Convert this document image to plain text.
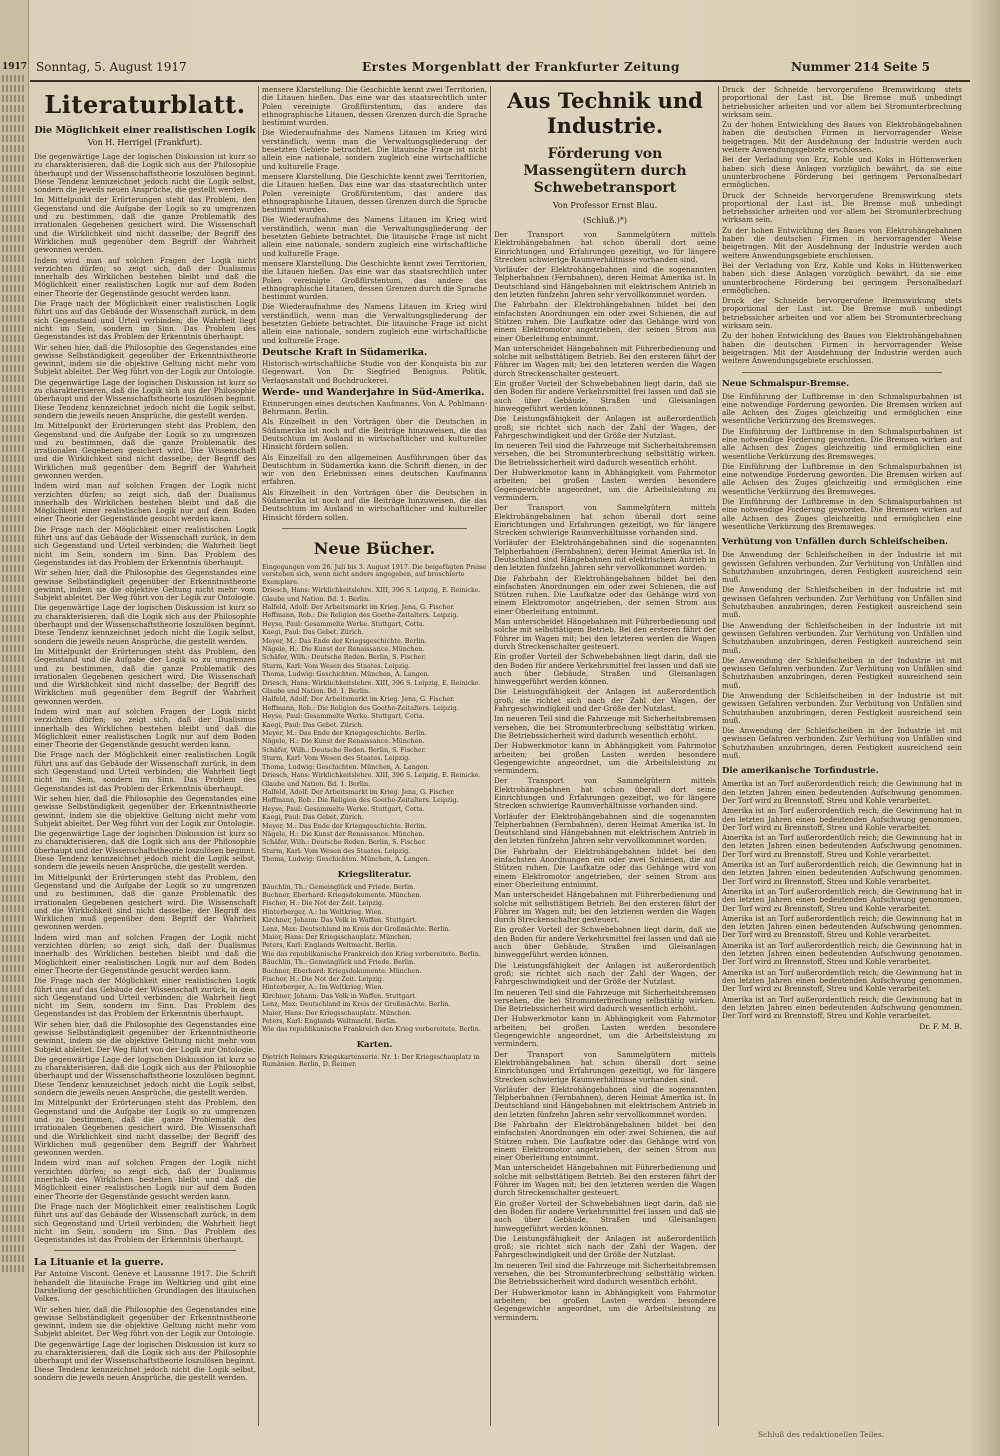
1917 Sonntag, 5. August 1917	Erstes Morgenblatt der Frankfurter Zeitung	Nummer 214 Seite 5
Literaturblatt.
Die Möglichkeit einer realistischen Logik
Von H. Herrigel (Frankfurt).

Die gegenwärtige Lage der logischen Diskussion ist kurz so zu charakterisieren, daß die Logik sich aus der Philosophie überhaupt und der Wissenschaftstheorie loszulösen beginnt. Diese Tendenz kennzeichnet jedoch nicht die Logik selbst, sondern die jeweils neuen Ansprüche, die gestellt werden.

Im Mittelpunkt der Erörterungen steht das Problem, den Gegenstand und die Aufgabe der Logik so zu umgrenzen und zu bestimmen, daß die ganze Problematik des irrationalen Gegebenen gesichert wird. Die Wissenschaft und die Wirklichkeit sind nicht dasselbe; der Begriff des Wirklichen muß gegenüber dem Begriff der Wahrheit gewonnen werden.

Indem wird man auf solchen Fragen der Logik nicht verzichten dürfen; so zeigt sich, daß der Dualismus innerhalb des Wirklichen bestehen bleibt und daß die Möglichkeit einer realistischen Logik nur auf dem Boden einer Theorie der Gegenstände gesucht werden kann.

Die Frage nach der Möglichkeit einer realistischen Logik führt uns auf das Gebäude der Wissenschaft zurück, in dem sich Gegenstand und Urteil verbinden; die Wahrheit liegt nicht im Sein, sondern im Sinn. Das Problem des Gegenstandes ist das Problem der Erkenntnis überhaupt.

Wir sehen hier, daß die Philosophie des Gegenstandes eine gewisse Selbständigkeit gegenüber der Erkenntnistheorie gewinnt, indem sie die objektive Geltung nicht mehr vom Subjekt ableitet. Der Weg führt von der Logik zur Ontologie.

Die gegenwärtige Lage der logischen Diskussion ist kurz so zu charakterisieren, daß die Logik sich aus der Philosophie überhaupt und der Wissenschaftstheorie loszulösen beginnt. Diese Tendenz kennzeichnet jedoch nicht die Logik selbst, sondern die jeweils neuen Ansprüche, die gestellt werden.

Im Mittelpunkt der Erörterungen steht das Problem, den Gegenstand und die Aufgabe der Logik so zu umgrenzen und zu bestimmen, daß die ganze Problematik des irrationalen Gegebenen gesichert wird. Die Wissenschaft und die Wirklichkeit sind nicht dasselbe; der Begriff des Wirklichen muß gegenüber dem Begriff der Wahrheit gewonnen werden.

Indem wird man auf solchen Fragen der Logik nicht verzichten dürfen; so zeigt sich, daß der Dualismus innerhalb des Wirklichen bestehen bleibt und daß die Möglichkeit einer realistischen Logik nur auf dem Boden einer Theorie der Gegenstände gesucht werden kann.

Die Frage nach der Möglichkeit einer realistischen Logik führt uns auf das Gebäude der Wissenschaft zurück, in dem sich Gegenstand und Urteil verbinden; die Wahrheit liegt nicht im Sein, sondern im Sinn. Das Problem des Gegenstandes ist das Problem der Erkenntnis überhaupt.

Wir sehen hier, daß die Philosophie des Gegenstandes eine gewisse Selbständigkeit gegenüber der Erkenntnistheorie gewinnt, indem sie die objektive Geltung nicht mehr vom Subjekt ableitet. Der Weg führt von der Logik zur Ontologie.

Die gegenwärtige Lage der logischen Diskussion ist kurz so zu charakterisieren, daß die Logik sich aus der Philosophie überhaupt und der Wissenschaftstheorie loszulösen beginnt. Diese Tendenz kennzeichnet jedoch nicht die Logik selbst, sondern die jeweils neuen Ansprüche, die gestellt werden.

Im Mittelpunkt der Erörterungen steht das Problem, den Gegenstand und die Aufgabe der Logik so zu umgrenzen und zu bestimmen, daß die ganze Problematik des irrationalen Gegebenen gesichert wird. Die Wissenschaft und die Wirklichkeit sind nicht dasselbe; der Begriff des Wirklichen muß gegenüber dem Begriff der Wahrheit gewonnen werden.

Indem wird man auf solchen Fragen der Logik nicht verzichten dürfen; so zeigt sich, daß der Dualismus innerhalb des Wirklichen bestehen bleibt und daß die Möglichkeit einer realistischen Logik nur auf dem Boden einer Theorie der Gegenstände gesucht werden kann.

Die Frage nach der Möglichkeit einer realistischen Logik führt uns auf das Gebäude der Wissenschaft zurück, in dem sich Gegenstand und Urteil verbinden; die Wahrheit liegt nicht im Sein, sondern im Sinn. Das Problem des Gegenstandes ist das Problem der Erkenntnis überhaupt.

Wir sehen hier, daß die Philosophie des Gegenstandes eine gewisse Selbständigkeit gegenüber der Erkenntnistheorie gewinnt, indem sie die objektive Geltung nicht mehr vom Subjekt ableitet. Der Weg führt von der Logik zur Ontologie.

Die gegenwärtige Lage der logischen Diskussion ist kurz so zu charakterisieren, daß die Logik sich aus der Philosophie überhaupt und der Wissenschaftstheorie loszulösen beginnt. Diese Tendenz kennzeichnet jedoch nicht die Logik selbst, sondern die jeweils neuen Ansprüche, die gestellt werden.

Im Mittelpunkt der Erörterungen steht das Problem, den Gegenstand und die Aufgabe der Logik so zu umgrenzen und zu bestimmen, daß die ganze Problematik des irrationalen Gegebenen gesichert wird. Die Wissenschaft und die Wirklichkeit sind nicht dasselbe; der Begriff des Wirklichen muß gegenüber dem Begriff der Wahrheit gewonnen werden.

Indem wird man auf solchen Fragen der Logik nicht verzichten dürfen; so zeigt sich, daß der Dualismus innerhalb des Wirklichen bestehen bleibt und daß die Möglichkeit einer realistischen Logik nur auf dem Boden einer Theorie der Gegenstände gesucht werden kann.

Die Frage nach der Möglichkeit einer realistischen Logik führt uns auf das Gebäude der Wissenschaft zurück, in dem sich Gegenstand und Urteil verbinden; die Wahrheit liegt nicht im Sein, sondern im Sinn. Das Problem des Gegenstandes ist das Problem der Erkenntnis überhaupt.

Wir sehen hier, daß die Philosophie des Gegenstandes eine gewisse Selbständigkeit gegenüber der Erkenntnistheorie gewinnt, indem sie die objektive Geltung nicht mehr vom Subjekt ableitet. Der Weg führt von der Logik zur Ontologie.

Die gegenwärtige Lage der logischen Diskussion ist kurz so zu charakterisieren, daß die Logik sich aus der Philosophie überhaupt und der Wissenschaftstheorie loszulösen beginnt. Diese Tendenz kennzeichnet jedoch nicht die Logik selbst, sondern die jeweils neuen Ansprüche, die gestellt werden.

Im Mittelpunkt der Erörterungen steht das Problem, den Gegenstand und die Aufgabe der Logik so zu umgrenzen und zu bestimmen, daß die ganze Problematik des irrationalen Gegebenen gesichert wird. Die Wissenschaft und die Wirklichkeit sind nicht dasselbe; der Begriff des Wirklichen muß gegenüber dem Begriff der Wahrheit gewonnen werden.

Indem wird man auf solchen Fragen der Logik nicht verzichten dürfen; so zeigt sich, daß der Dualismus innerhalb des Wirklichen bestehen bleibt und daß die Möglichkeit einer realistischen Logik nur auf dem Boden einer Theorie der Gegenstände gesucht werden kann.

Die Frage nach der Möglichkeit einer realistischen Logik führt uns auf das Gebäude der Wissenschaft zurück, in dem sich Gegenstand und Urteil verbinden; die Wahrheit liegt nicht im Sein, sondern im Sinn. Das Problem des Gegenstandes ist das Problem der Erkenntnis überhaupt.

La Lituanie et la guerre.

Par Antoine Viscont. Genève et Lausanne 1917. Die Schrift behandelt die litauische Frage im Weltkrieg und gibt eine Darstellung der geschichtlichen Grundlagen des litauischen Volkes.

Wir sehen hier, daß die Philosophie des Gegenstandes eine gewisse Selbständigkeit gegenüber der Erkenntnistheorie gewinnt, indem sie die objektive Geltung nicht mehr vom Subjekt ableitet. Der Weg führt von der Logik zur Ontologie.

Die gegenwärtige Lage der logischen Diskussion ist kurz so zu charakterisieren, daß die Logik sich aus der Philosophie überhaupt und der Wissenschaftstheorie loszulösen beginnt. Diese Tendenz kennzeichnet jedoch nicht die Logik selbst, sondern die jeweils neuen Ansprüche, die gestellt werden.

mensere Klarstellung. Die Geschichte kennt zwei Territorien, die Litauen hießen. Das eine war das staatsrechtlich unter Polen vereinigte Großfürstentum, das andere das ethnographische Litauen, dessen Grenzen durch die Sprache bestimmt wurden.

Die Wiederaufnahme des Namens Litauen im Krieg wird verständlich, wenn man die Verwaltungsgliederung der besetzten Gebiete betrachtet. Die litauische Frage ist nicht allein eine nationale, sondern zugleich eine wirtschaftliche und kulturelle Frage.

mensere Klarstellung. Die Geschichte kennt zwei Territorien, die Litauen hießen. Das eine war das staatsrechtlich unter Polen vereinigte Großfürstentum, das andere das ethnographische Litauen, dessen Grenzen durch die Sprache bestimmt wurden.

Die Wiederaufnahme des Namens Litauen im Krieg wird verständlich, wenn man die Verwaltungsgliederung der besetzten Gebiete betrachtet. Die litauische Frage ist nicht allein eine nationale, sondern zugleich eine wirtschaftliche und kulturelle Frage.

mensere Klarstellung. Die Geschichte kennt zwei Territorien, die Litauen hießen. Das eine war das staatsrechtlich unter Polen vereinigte Großfürstentum, das andere das ethnographische Litauen, dessen Grenzen durch die Sprache bestimmt wurden.

Die Wiederaufnahme des Namens Litauen im Krieg wird verständlich, wenn man die Verwaltungsgliederung der besetzten Gebiete betrachtet. Die litauische Frage ist nicht allein eine nationale, sondern zugleich eine wirtschaftliche und kulturelle Frage.

Deutsche Kraft in Südamerika.

Historisch-wirtschaftliche Studie von der Konquista bis zur Gegenwart. Von Dr. Siegfried Benignus. Politik, Verlagsanstalt und Buchdruckerei.

Werde- und Wanderjahre in Süd-Amerika.

Erinnerungen eines deutschen Kaufmanns. Von A. Pohlmann-Behrmann. Berlin.

Als Einzelheit in den Vorträgen über die Deutschen in Südamerika ist noch auf die Beiträge hinzuweisen, die das Deutschtum im Ausland in wirtschaftlicher und kultureller Hinsicht fördern sollen.

Als Einzelfall zu den allgemeinen Ausführungen über das Deutschtum in Südamerika kann die Schrift dienen, in der wir von den Erlebnissen eines deutschen Kaufmanns erfahren.

Als Einzelheit in den Vorträgen über die Deutschen in Südamerika ist noch auf die Beiträge hinzuweisen, die das Deutschtum im Ausland in wirtschaftlicher und kultureller Hinsicht fördern sollen.

Neue Bücher.

Eingegangen vom 26. Juli bis 3. August 1917. Die beigefügten Preise verstehen sich, wenn nicht anders angegeben, auf broschierte Exemplare.

Driesch, Hans: Wirklichkeitslehre. XIII, 396 S. Leipzig, E. Reinicke.

Glaube und Nation. Bd. 1. Berlin.

Halfeld, Adolf: Der Arbeitsmarkt im Krieg. Jena, G. Fischer.

Hoffmann, Rob.: Die Religion des Goethe-Zeitalters. Leipzig.

Heyse, Paul: Gesammelte Werke. Stuttgart, Cotta.

Kaegi, Paul: Das Gebet. Zürich.

Meyer, M.: Das Ende der Kriegsgeschichte. Berlin.

Nägele, H.: Die Kunst der Renaissance. München.

Schäfer, Wilh.: Deutsche Reden. Berlin, S. Fischer.

Sturm, Karl: Vom Wesen des Staates. Leipzig.

Thoma, Ludwig: Geschichten. München, A. Langen.

Driesch, Hans: Wirklichkeitslehre. XIII, 396 S. Leipzig, E. Reinicke.

Glaube und Nation. Bd. 1. Berlin.

Halfeld, Adolf: Der Arbeitsmarkt im Krieg. Jena, G. Fischer.

Hoffmann, Rob.: Die Religion des Goethe-Zeitalters. Leipzig.

Heyse, Paul: Gesammelte Werke. Stuttgart, Cotta.

Kaegi, Paul: Das Gebet. Zürich.

Meyer, M.: Das Ende der Kriegsgeschichte. Berlin.

Nägele, H.: Die Kunst der Renaissance. München.

Schäfer, Wilh.: Deutsche Reden. Berlin, S. Fischer.

Sturm, Karl: Vom Wesen des Staates. Leipzig.

Thoma, Ludwig: Geschichten. München, A. Langen.

Driesch, Hans: Wirklichkeitslehre. XIII, 396 S. Leipzig, E. Reinicke.

Glaube und Nation. Bd. 1. Berlin.

Halfeld, Adolf: Der Arbeitsmarkt im Krieg. Jena, G. Fischer.

Hoffmann, Rob.: Die Religion des Goethe-Zeitalters. Leipzig.

Heyse, Paul: Gesammelte Werke. Stuttgart, Cotta.

Kaegi, Paul: Das Gebet. Zürich.

Meyer, M.: Das Ende der Kriegsgeschichte. Berlin.

Nägele, H.: Die Kunst der Renaissance. München.

Schäfer, Wilh.: Deutsche Reden. Berlin, S. Fischer.

Sturm, Karl: Vom Wesen des Staates. Leipzig.

Thoma, Ludwig: Geschichten. München, A. Langen.

Kriegsliteratur.

Bäuchlin, Th.: Gemeinglück und Friede. Berlin.

Buchner, Eberhard: Kriegsdokumente. München.

Fischer, H.: Die Not der Zeit. Leipzig.

Hinterberger, A.: Im Weltkrieg. Wien.

Kirchner, Johann: Das Volk in Waffen. Stuttgart.

Lenz, Max: Deutschland im Kreis der Großmächte. Berlin.

Maier, Hans: Der Kriegsschauplatz. München.

Peters, Karl: Englands Weltmacht. Berlin.

Wie das republikanische Frankreich den Krieg vorbereitete. Berlin.

Bäuchlin, Th.: Gemeinglück und Friede. Berlin.

Buchner, Eberhard: Kriegsdokumente. München.

Fischer, H.: Die Not der Zeit. Leipzig.

Hinterberger, A.: Im Weltkrieg. Wien.

Kirchner, Johann: Das Volk in Waffen. Stuttgart.

Lenz, Max: Deutschland im Kreis der Großmächte. Berlin.

Maier, Hans: Der Kriegsschauplatz. München.

Peters, Karl: Englands Weltmacht. Berlin.

Wie das republikanische Frankreich den Krieg vorbereitete. Berlin.

Karten.

Dietrich Reimers Kriegskartenserie. Nr. 1: Der Kriegsschauplatz in Rumänien. Berlin, D. Reimer.

Aus Technik und Industrie.
Förderung von Massengütern durch Schwebetransport
Von Professor Ernst Blau.
(Schluß.)*)

Der Transport von Sammelgütern mittels Elektrohängebahnen hat schon überall dort seine Einrichtungen und Erfahrungen gezeitigt, wo für längere Strecken schwierige Raumverhältnisse vorhanden sind.

Vorläufer der Elektrohängebahnen sind die sogenannten Telpherbahnen (Fernbahnen), deren Heimat Amerika ist. In Deutschland sind Hängebahnen mit elektrischem Antrieb in den letzten fünfzehn Jahren sehr vervollkommnet worden.

Die Fahrbahn der Elektrohängebahnen bildet bei den einfachsten Anordnungen ein oder zwei Schienen, die auf Stützen ruhen. Die Laufkatze oder das Gehänge wird von einem Elektromotor angetrieben, der seinen Strom aus einer Oberleitung entnimmt.

Man unterscheidet Hängebahnen mit Führerbedienung und solche mit selbsttätigem Betrieb. Bei den ersteren fährt der Führer im Wagen mit; bei den letzteren werden die Wagen durch Streckenschalter gesteuert.

Ein großer Vorteil der Schwebebahnen liegt darin, daß sie den Boden für andere Verkehrsmittel frei lassen und daß sie auch über Gebäude, Straßen und Gleisanlagen hinweggeführt werden können.

Die Leistungsfähigkeit der Anlagen ist außerordentlich groß; sie richtet sich nach der Zahl der Wagen, der Fahrgeschwindigkeit und der Größe der Nutzlast.

Im neueren Teil sind die Fahrzeuge mit Sicherheitsbremsen versehen, die bei Stromunterbrechung selbsttätig wirken. Die Betriebssicherheit wird dadurch wesentlich erhöht.

Der Hubwerkmotor kann in Abhängigkeit vom Fahrmotor arbeiten; bei großen Lasten werden besondere Gegengewichte angeordnet, um die Arbeitsleistung zu vermindern.

Der Transport von Sammelgütern mittels Elektrohängebahnen hat schon überall dort seine Einrichtungen und Erfahrungen gezeitigt, wo für längere Strecken schwierige Raumverhältnisse vorhanden sind.

Vorläufer der Elektrohängebahnen sind die sogenannten Telpherbahnen (Fernbahnen), deren Heimat Amerika ist. In Deutschland sind Hängebahnen mit elektrischem Antrieb in den letzten fünfzehn Jahren sehr vervollkommnet worden.

Die Fahrbahn der Elektrohängebahnen bildet bei den einfachsten Anordnungen ein oder zwei Schienen, die auf Stützen ruhen. Die Laufkatze oder das Gehänge wird von einem Elektromotor angetrieben, der seinen Strom aus einer Oberleitung entnimmt.

Man unterscheidet Hängebahnen mit Führerbedienung und solche mit selbsttätigem Betrieb. Bei den ersteren fährt der Führer im Wagen mit; bei den letzteren werden die Wagen durch Streckenschalter gesteuert.

Ein großer Vorteil der Schwebebahnen liegt darin, daß sie den Boden für andere Verkehrsmittel frei lassen und daß sie auch über Gebäude, Straßen und Gleisanlagen hinweggeführt werden können.

Die Leistungsfähigkeit der Anlagen ist außerordentlich groß; sie richtet sich nach der Zahl der Wagen, der Fahrgeschwindigkeit und der Größe der Nutzlast.

Im neueren Teil sind die Fahrzeuge mit Sicherheitsbremsen versehen, die bei Stromunterbrechung selbsttätig wirken. Die Betriebssicherheit wird dadurch wesentlich erhöht.

Der Hubwerkmotor kann in Abhängigkeit vom Fahrmotor arbeiten; bei großen Lasten werden besondere Gegengewichte angeordnet, um die Arbeitsleistung zu vermindern.

Der Transport von Sammelgütern mittels Elektrohängebahnen hat schon überall dort seine Einrichtungen und Erfahrungen gezeitigt, wo für längere Strecken schwierige Raumverhältnisse vorhanden sind.

Vorläufer der Elektrohängebahnen sind die sogenannten Telpherbahnen (Fernbahnen), deren Heimat Amerika ist. In Deutschland sind Hängebahnen mit elektrischem Antrieb in den letzten fünfzehn Jahren sehr vervollkommnet worden.

Die Fahrbahn der Elektrohängebahnen bildet bei den einfachsten Anordnungen ein oder zwei Schienen, die auf Stützen ruhen. Die Laufkatze oder das Gehänge wird von einem Elektromotor angetrieben, der seinen Strom aus einer Oberleitung entnimmt.

Man unterscheidet Hängebahnen mit Führerbedienung und solche mit selbsttätigem Betrieb. Bei den ersteren fährt der Führer im Wagen mit; bei den letzteren werden die Wagen durch Streckenschalter gesteuert.

Ein großer Vorteil der Schwebebahnen liegt darin, daß sie den Boden für andere Verkehrsmittel frei lassen und daß sie auch über Gebäude, Straßen und Gleisanlagen hinweggeführt werden können.

Die Leistungsfähigkeit der Anlagen ist außerordentlich groß; sie richtet sich nach der Zahl der Wagen, der Fahrgeschwindigkeit und der Größe der Nutzlast.

Im neueren Teil sind die Fahrzeuge mit Sicherheitsbremsen versehen, die bei Stromunterbrechung selbsttätig wirken. Die Betriebssicherheit wird dadurch wesentlich erhöht.

Der Hubwerkmotor kann in Abhängigkeit vom Fahrmotor arbeiten; bei großen Lasten werden besondere Gegengewichte angeordnet, um die Arbeitsleistung zu vermindern.

Der Transport von Sammelgütern mittels Elektrohängebahnen hat schon überall dort seine Einrichtungen und Erfahrungen gezeitigt, wo für längere Strecken schwierige Raumverhältnisse vorhanden sind.

Vorläufer der Elektrohängebahnen sind die sogenannten Telpherbahnen (Fernbahnen), deren Heimat Amerika ist. In Deutschland sind Hängebahnen mit elektrischem Antrieb in den letzten fünfzehn Jahren sehr vervollkommnet worden.

Die Fahrbahn der Elektrohängebahnen bildet bei den einfachsten Anordnungen ein oder zwei Schienen, die auf Stützen ruhen. Die Laufkatze oder das Gehänge wird von einem Elektromotor angetrieben, der seinen Strom aus einer Oberleitung entnimmt.

Man unterscheidet Hängebahnen mit Führerbedienung und solche mit selbsttätigem Betrieb. Bei den ersteren fährt der Führer im Wagen mit; bei den letzteren werden die Wagen durch Streckenschalter gesteuert.

Ein großer Vorteil der Schwebebahnen liegt darin, daß sie den Boden für andere Verkehrsmittel frei lassen und daß sie auch über Gebäude, Straßen und Gleisanlagen hinweggeführt werden können.

Die Leistungsfähigkeit der Anlagen ist außerordentlich groß; sie richtet sich nach der Zahl der Wagen, der Fahrgeschwindigkeit und der Größe der Nutzlast.

Im neueren Teil sind die Fahrzeuge mit Sicherheitsbremsen versehen, die bei Stromunterbrechung selbsttätig wirken. Die Betriebssicherheit wird dadurch wesentlich erhöht.

Der Hubwerkmotor kann in Abhängigkeit vom Fahrmotor arbeiten; bei großen Lasten werden besondere Gegengewichte angeordnet, um die Arbeitsleistung zu vermindern.

Druck der Schneide hervorgerufene Bremswirkung stets proportional der Last ist. Die Bremse muß unbedingt betriebssicher arbeiten und vor allem bei Stromunterbrechung wirksam sein.

Zu der hohen Entwicklung des Baues von Elektrohängebahnen haben die deutschen Firmen in hervorragender Weise beigetragen. Mit der Ausdehnung der Industrie werden auch weitere Anwendungsgebiete erschlossen.

Bei der Verladung von Erz, Kohle und Koks in Hüttenwerken haben sich diese Anlagen vorzüglich bewährt, da sie eine ununterbrochene Förderung bei geringem Personalbedarf ermöglichen.

Druck der Schneide hervorgerufene Bremswirkung stets proportional der Last ist. Die Bremse muß unbedingt betriebssicher arbeiten und vor allem bei Stromunterbrechung wirksam sein.

Zu der hohen Entwicklung des Baues von Elektrohängebahnen haben die deutschen Firmen in hervorragender Weise beigetragen. Mit der Ausdehnung der Industrie werden auch weitere Anwendungsgebiete erschlossen.

Bei der Verladung von Erz, Kohle und Koks in Hüttenwerken haben sich diese Anlagen vorzüglich bewährt, da sie eine ununterbrochene Förderung bei geringem Personalbedarf ermöglichen.

Druck der Schneide hervorgerufene Bremswirkung stets proportional der Last ist. Die Bremse muß unbedingt betriebssicher arbeiten und vor allem bei Stromunterbrechung wirksam sein.

Zu der hohen Entwicklung des Baues von Elektrohängebahnen haben die deutschen Firmen in hervorragender Weise beigetragen. Mit der Ausdehnung der Industrie werden auch weitere Anwendungsgebiete erschlossen.

Neue Schmalspur-Bremse.

Die Einführung der Luftbremse in den Schmalspurbahnen ist eine notwendige Forderung geworden. Die Bremsen wirken auf alle Achsen des Zuges gleichzeitig und ermöglichen eine wesentliche Verkürzung des Bremsweges.

Die Einführung der Luftbremse in den Schmalspurbahnen ist eine notwendige Forderung geworden. Die Bremsen wirken auf alle Achsen des Zuges gleichzeitig und ermöglichen eine wesentliche Verkürzung des Bremsweges.

Die Einführung der Luftbremse in den Schmalspurbahnen ist eine notwendige Forderung geworden. Die Bremsen wirken auf alle Achsen des Zuges gleichzeitig und ermöglichen eine wesentliche Verkürzung des Bremsweges.

Die Einführung der Luftbremse in den Schmalspurbahnen ist eine notwendige Forderung geworden. Die Bremsen wirken auf alle Achsen des Zuges gleichzeitig und ermöglichen eine wesentliche Verkürzung des Bremsweges.

Verhütung von Unfällen durch Schleifscheiben.

Die Anwendung der Schleifscheiben in der Industrie ist mit gewissen Gefahren verbunden. Zur Verhütung von Unfällen sind Schutzhauben anzubringen, deren Festigkeit ausreichend sein muß.

Die Anwendung der Schleifscheiben in der Industrie ist mit gewissen Gefahren verbunden. Zur Verhütung von Unfällen sind Schutzhauben anzubringen, deren Festigkeit ausreichend sein muß.

Die Anwendung der Schleifscheiben in der Industrie ist mit gewissen Gefahren verbunden. Zur Verhütung von Unfällen sind Schutzhauben anzubringen, deren Festigkeit ausreichend sein muß.

Die Anwendung der Schleifscheiben in der Industrie ist mit gewissen Gefahren verbunden. Zur Verhütung von Unfällen sind Schutzhauben anzubringen, deren Festigkeit ausreichend sein muß.

Die Anwendung der Schleifscheiben in der Industrie ist mit gewissen Gefahren verbunden. Zur Verhütung von Unfällen sind Schutzhauben anzubringen, deren Festigkeit ausreichend sein muß.

Die Anwendung der Schleifscheiben in der Industrie ist mit gewissen Gefahren verbunden. Zur Verhütung von Unfällen sind Schutzhauben anzubringen, deren Festigkeit ausreichend sein muß.

Die amerikanische Torfindustrie.

Amerika ist an Torf außerordentlich reich; die Gewinnung hat in den letzten Jahren einen bedeutenden Aufschwung genommen. Der Torf wird zu Brennstoff, Streu und Kohle verarbeitet.

Amerika ist an Torf außerordentlich reich; die Gewinnung hat in den letzten Jahren einen bedeutenden Aufschwung genommen. Der Torf wird zu Brennstoff, Streu und Kohle verarbeitet.

Amerika ist an Torf außerordentlich reich; die Gewinnung hat in den letzten Jahren einen bedeutenden Aufschwung genommen. Der Torf wird zu Brennstoff, Streu und Kohle verarbeitet.

Amerika ist an Torf außerordentlich reich; die Gewinnung hat in den letzten Jahren einen bedeutenden Aufschwung genommen. Der Torf wird zu Brennstoff, Streu und Kohle verarbeitet.

Amerika ist an Torf außerordentlich reich; die Gewinnung hat in den letzten Jahren einen bedeutenden Aufschwung genommen. Der Torf wird zu Brennstoff, Streu und Kohle verarbeitet.

Amerika ist an Torf außerordentlich reich; die Gewinnung hat in den letzten Jahren einen bedeutenden Aufschwung genommen. Der Torf wird zu Brennstoff, Streu und Kohle verarbeitet.

Amerika ist an Torf außerordentlich reich; die Gewinnung hat in den letzten Jahren einen bedeutenden Aufschwung genommen. Der Torf wird zu Brennstoff, Streu und Kohle verarbeitet.

Amerika ist an Torf außerordentlich reich; die Gewinnung hat in den letzten Jahren einen bedeutenden Aufschwung genommen. Der Torf wird zu Brennstoff, Streu und Kohle verarbeitet.

Amerika ist an Torf außerordentlich reich; die Gewinnung hat in den letzten Jahren einen bedeutenden Aufschwung genommen. Der Torf wird zu Brennstoff, Streu und Kohle verarbeitet.

Dr. F. M. B.
Schluß des redaktionellen Teiles.
